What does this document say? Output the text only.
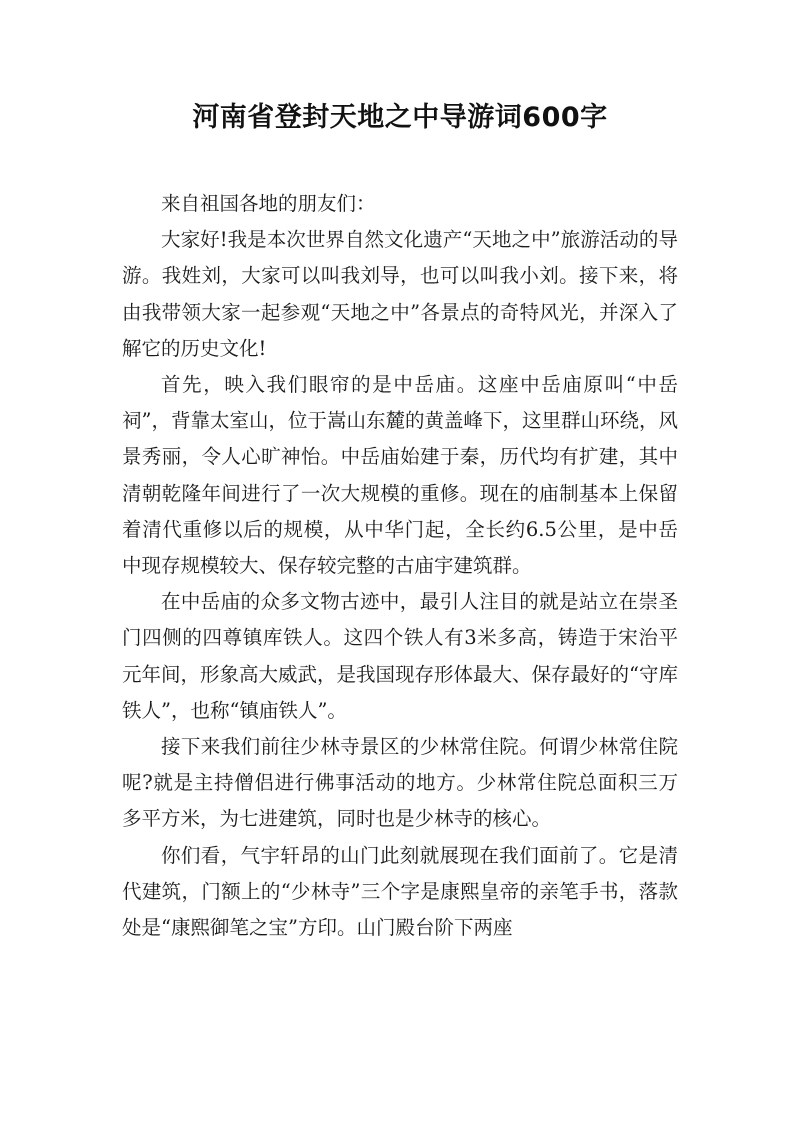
河南省登封天地之中导游词600字

来自祖国各地的朋友们：

大家好!我是本次世界自然文化遗产“天地之中”旅游活动的导游。我姓刘，大家可以叫我刘导，也可以叫我小刘。接下来，将由我带领大家一起参观“天地之中”各景点的奇特风光，并深入了解它的历史文化!

首先，映入我们眼帘的是中岳庙。这座中岳庙原叫“中岳祠”，背靠太室山，位于嵩山东麓的黄盖峰下，这里群山环绕，风景秀丽，令人心旷神怡。中岳庙始建于秦，历代均有扩建，其中清朝乾隆年间进行了一次大规模的重修。现在的庙制基本上保留着清代重修以后的规模，从中华门起，全长约6.5公里，是中岳中现存规模较大、保存较完整的古庙宇建筑群。

在中岳庙的众多文物古迹中，最引人注目的就是站立在崇圣门四侧的四尊镇库铁人。这四个铁人有3米多高，铸造于宋治平元年间，形象高大威武，是我国现存形体最大、保存最好的“守库铁人”，也称“镇庙铁人”。

接下来我们前往少林寺景区的少林常住院。何谓少林常住院呢?就是主持僧侣进行佛事活动的地方。少林常住院总面积三万多平方米，为七进建筑，同时也是少林寺的核心。

你们看，气宇轩昂的山门此刻就展现在我们面前了。它是清代建筑，门额上的“少林寺”三个字是康熙皇帝的亲笔手书，落款处是“康熙御笔之宝”方印。山门殿台阶下两座
